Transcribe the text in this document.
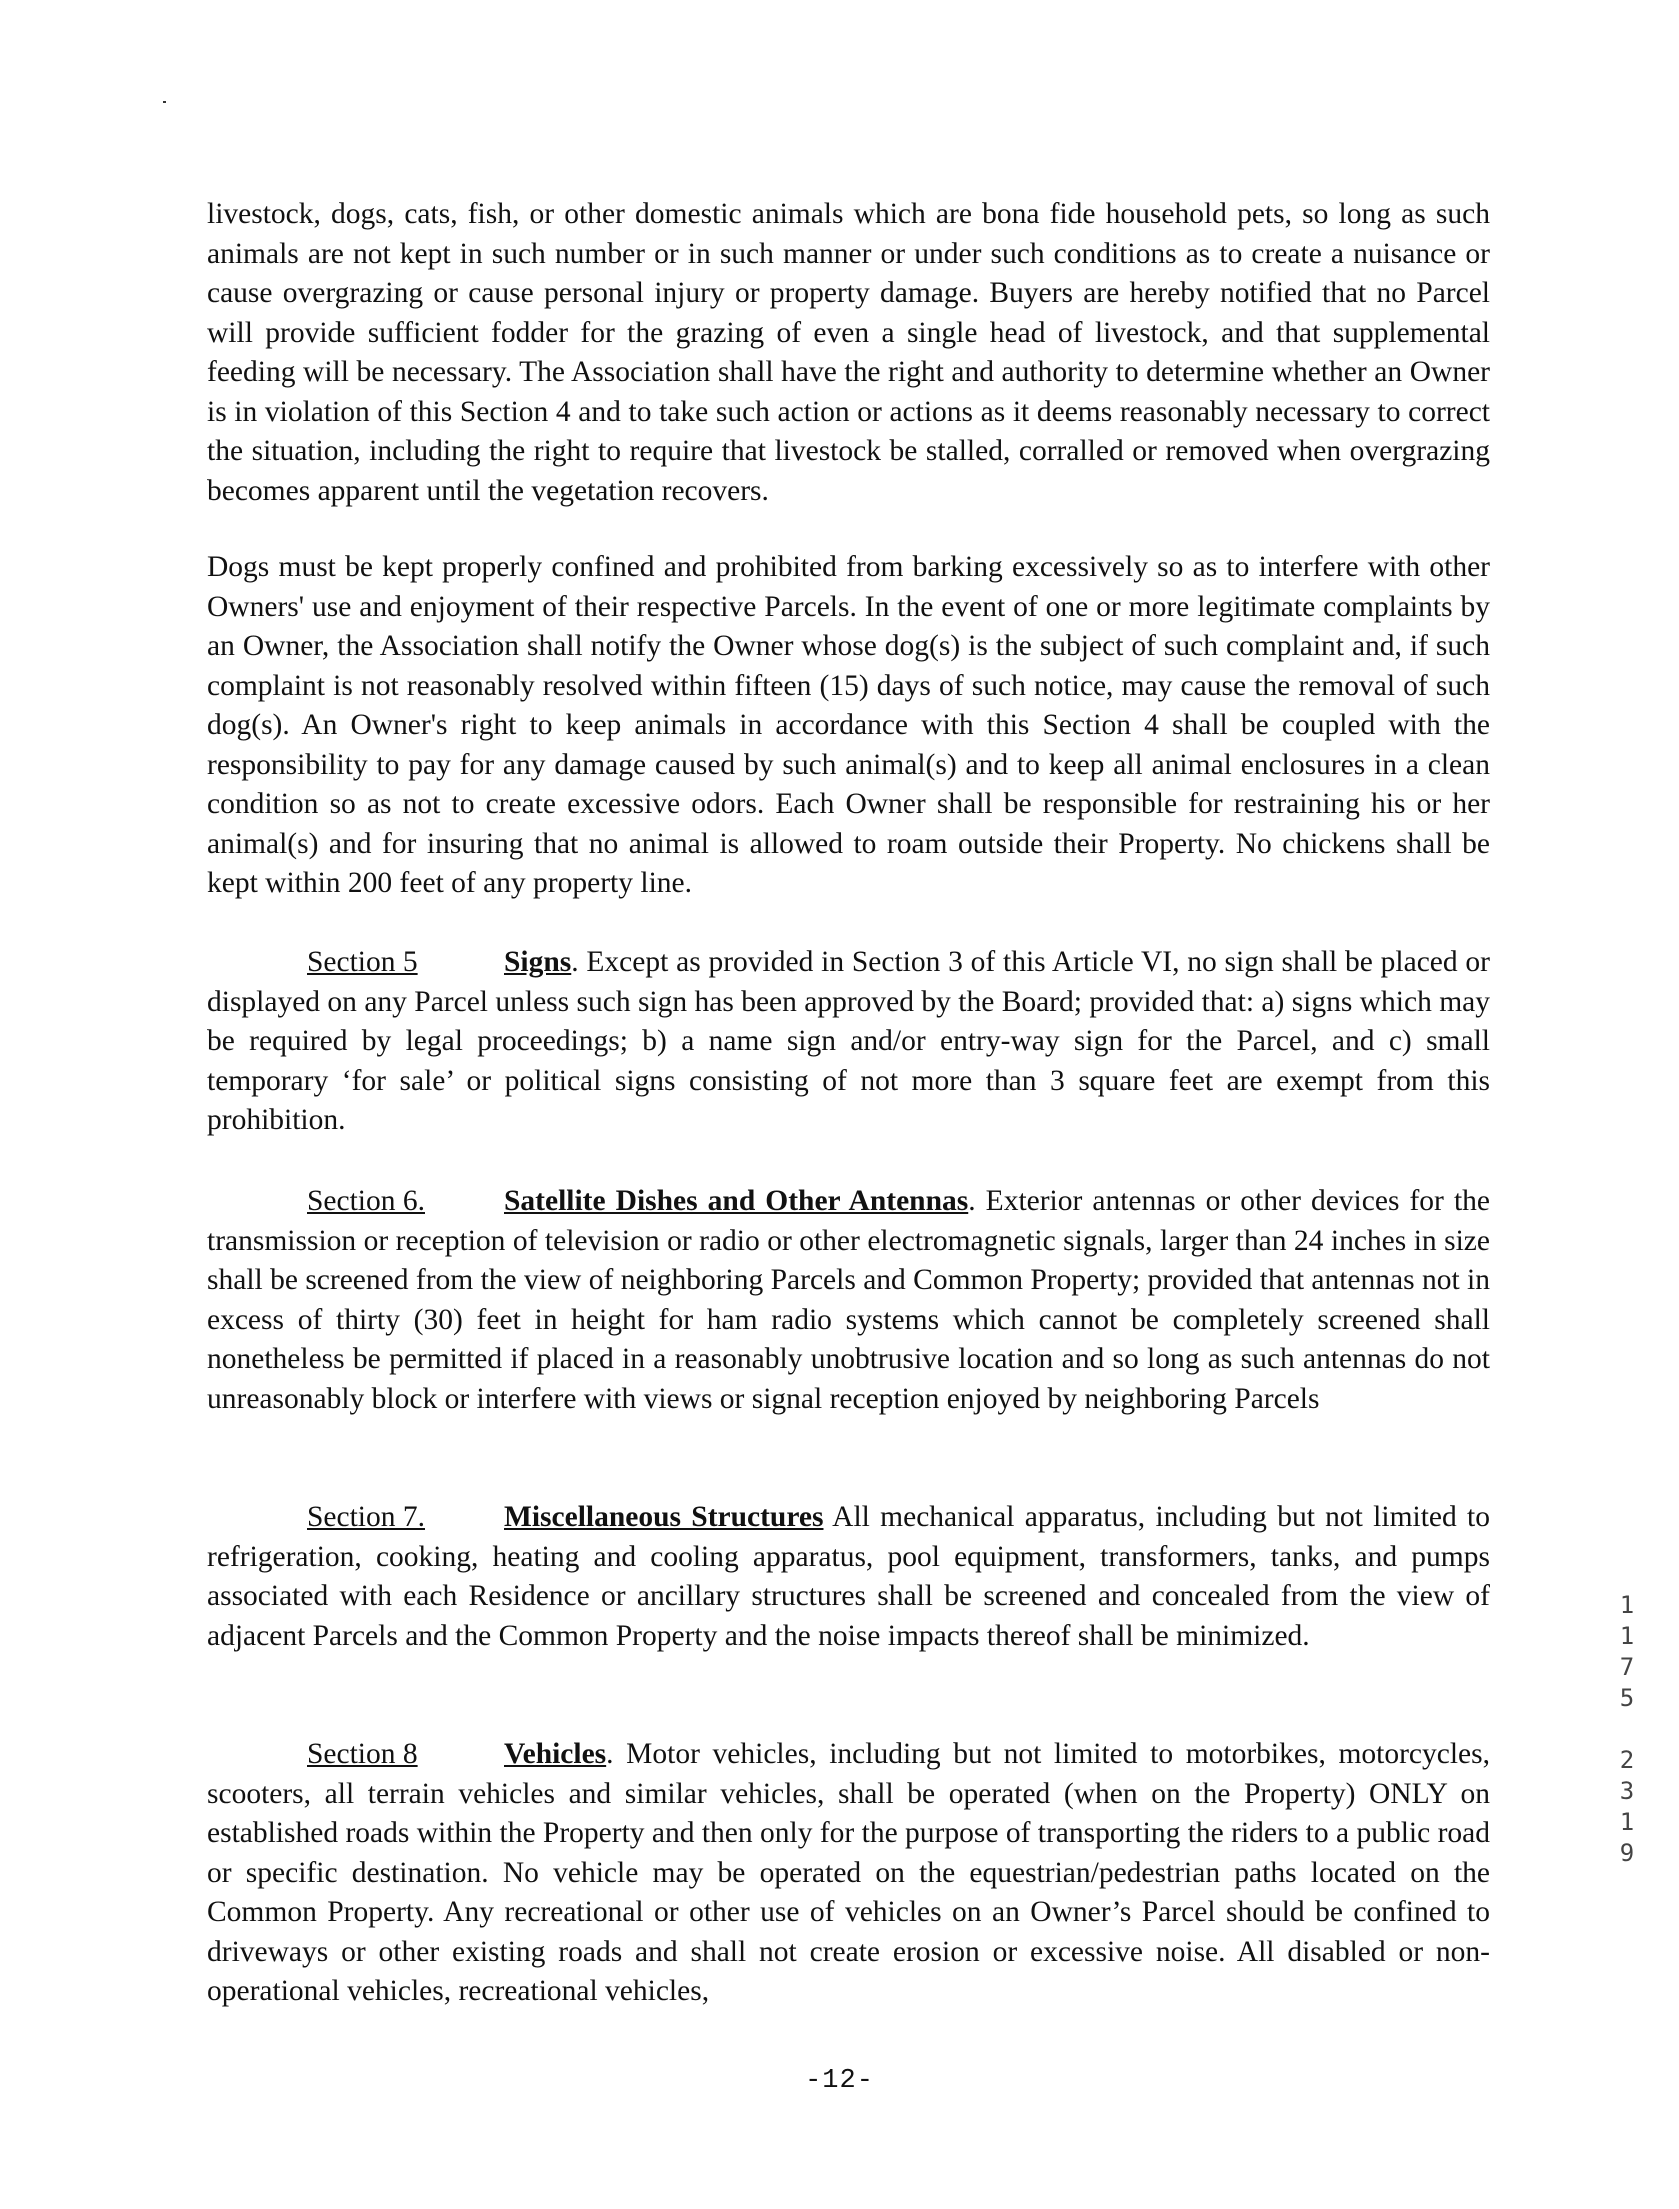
livestock, dogs, cats, fish, or other domestic animals which are bona fide household pets, so long as such animals are not kept in such number or in such manner or under such conditions as to create a nuisance or cause overgrazing or cause personal injury or property damage. Buyers are hereby notified that no Parcel will provide sufficient fodder for the grazing of even a single head of livestock, and that supplemental feeding will be necessary. The Association shall have the right and authority to determine whether an Owner is in violation of this Section 4 and to take such action or actions as it deems reasonably necessary to correct the situation, including the right to require that livestock be stalled, corralled or removed when overgrazing becomes apparent until the vegetation recovers.

Dogs must be kept properly confined and prohibited from barking excessively so as to interfere with other Owners' use and enjoyment of their respective Parcels. In the event of one or more legitimate complaints by an Owner, the Association shall notify the Owner whose dog(s) is the subject of such complaint and, if such complaint is not reasonably resolved within fifteen (15) days of such notice, may cause the removal of such dog(s). An Owner's right to keep animals in accordance with this Section 4 shall be coupled with the responsibility to pay for any damage caused by such animal(s) and to keep all animal enclosures in a clean condition so as not to create excessive odors. Each Owner shall be responsible for restraining his or her animal(s) and for insuring that no animal is allowed to roam outside their Property. No chickens shall be kept within 200 feet of any property line.

Section 5	Signs. Except as provided in Section 3 of this Article VI, no sign shall be placed or displayed on any Parcel unless such sign has been approved by the Board; provided that: a) signs which may be required by legal proceedings; b) a name sign and/or entry-way sign for the Parcel, and c) small temporary ‘for sale’ or political signs consisting of not more than 3 square feet are exempt from this prohibition.

Section 6.	Satellite Dishes and Other Antennas. Exterior antennas or other devices for the transmission or reception of television or radio or other electromagnetic signals, larger than 24 inches in size shall be screened from the view of neighboring Parcels and Common Property; provided that antennas not in excess of thirty (30) feet in height for ham radio systems which cannot be completely screened shall nonetheless be permitted if placed in a reasonably unobtrusive location and so long as such antennas do not unreasonably block or interfere with views or signal reception enjoyed by neighboring Parcels

Section 7.	Miscellaneous Structures All mechanical apparatus, including but not limited to refrigeration, cooking, heating and cooling apparatus, pool equipment, transformers, tanks, and pumps associated with each Residence or ancillary structures shall be screened and concealed from the view of adjacent Parcels and the Common Property and the noise impacts thereof shall be minimized.

Section 8	Vehicles. Motor vehicles, including but not limited to motorbikes, motorcycles, scooters, all terrain vehicles and similar vehicles, shall be operated (when on the Property) ONLY on established roads within the Property and then only for the purpose of transporting the riders to a public road or specific destination. No vehicle may be operated on the equestrian/pedestrian paths located on the Common Property. Any recreational or other use of vehicles on an Owner’s Parcel should be confined to driveways or other existing roads and shall not create erosion or excessive noise. All disabled or non-operational vehicles, recreational vehicles,

-12-

1
1
7
5

2
3
1
9
